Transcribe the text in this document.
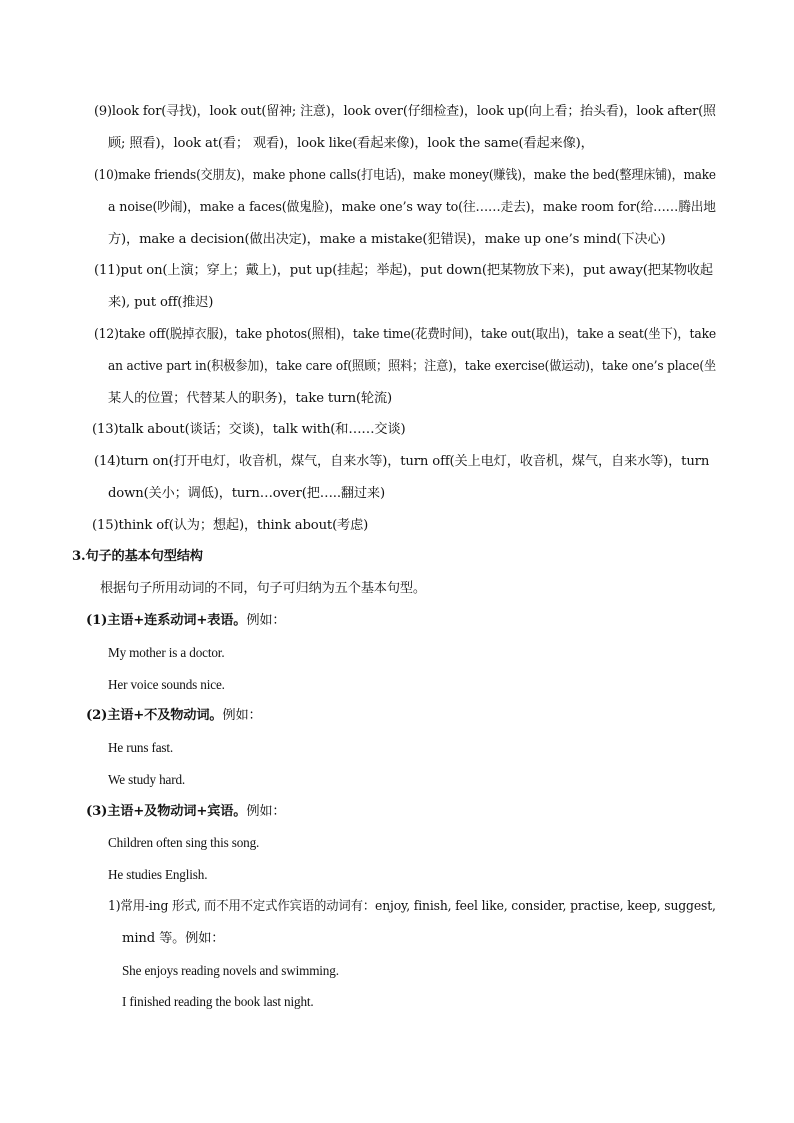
(9)look for(寻找)，look out(留神; 注意)，look over(仔细检查)，look up(向上看；抬头看)，look after(照
顾; 照看)，look at(看； 观看)，look like(看起来像)，look the same(看起来像)，
(10)make friends(交朋友)，make phone calls(打电话)，make money(赚钱)，make the bed(整理床铺)，make
a noise(吵闹)，make a faces(做鬼脸)，make one’s way to(往……走去)，make room for(给……腾出地
方)，make a decision(做出决定)，make a mistake(犯错误)，make up one’s mind(下决心)
(11)put on(上演；穿上；戴上)，put up(挂起；举起)，put down(把某物放下来)，put away(把某物收起
来), put off(推迟)
(12)take off(脱掉衣服)，take photos(照相)，take time(花费时间)，take out(取出)，take a seat(坐下)，take
an active part in(积极参加)，take care of(照顾；照料；注意)，take exercise(做运动)，take one’s place(坐
某人的位置；代替某人的职务)，take turn(轮流)
(13)talk about(谈话；交谈)，talk with(和……交谈)
(14)turn on(打开电灯，收音机，煤气，自来水等)，turn off(关上电灯，收音机，煤气，自来水等)，turn
down(关小；调低)，turn…over(把…..翻过来)
(15)think of(认为；想起)，think about(考虑)
3.句子的基本句型结构
根据句子所用动词的不同，句子可归纳为五个基本句型。
(1)主语+连系动词+表语。例如：
My mother is a doctor.
Her voice sounds nice.
(2)主语+不及物动词。例如：
He runs fast.
We study hard.
(3)主语+及物动词+宾语。例如：
Children often sing this song.
He studies English.
1)常用-ing 形式, 而不用不定式作宾语的动词有：enjoy, finish, feel like, consider, practise, keep, suggest,
mind 等。例如：
She enjoys reading novels and swimming.
I finished reading the book last night.
